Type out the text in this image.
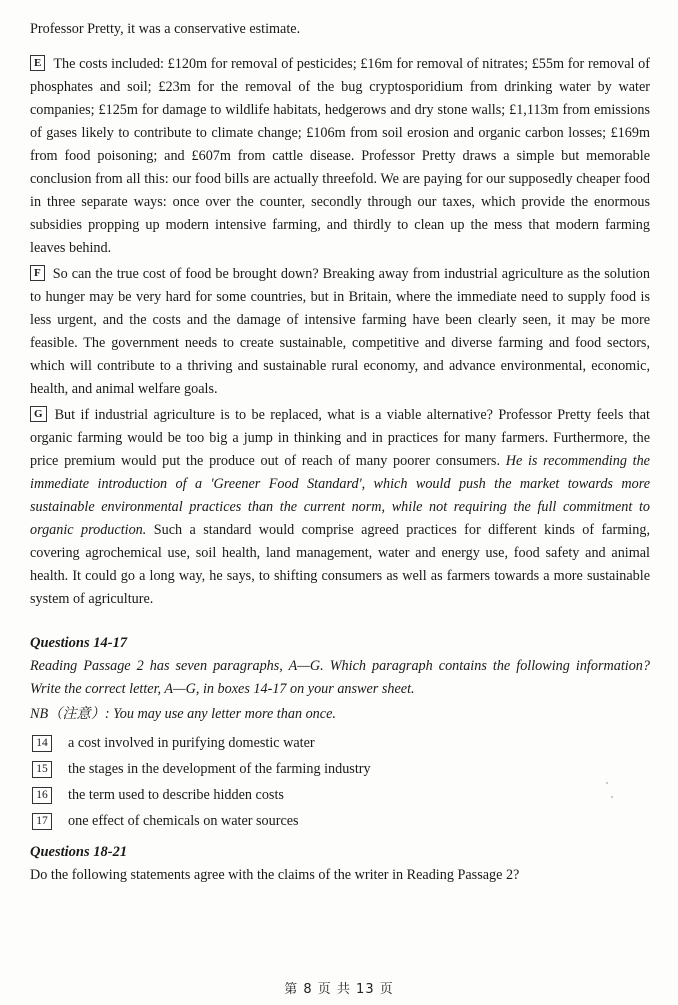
Professor Pretty, it was a conservative estimate.

E The costs included: £120m for removal of pesticides; £16m for removal of nitrates; £55m for removal of phosphates and soil; £23m for the removal of the bug cryptosporidium from drinking water by water companies; £125m for damage to wildlife habitats, hedgerows and dry stone walls; £1,113m from emissions of gases likely to contribute to climate change; £106m from soil erosion and organic carbon losses; £169m from food poisoning; and £607m from cattle disease. Professor Pretty draws a simple but memorable conclusion from all this: our food bills are actually threefold. We are paying for our supposedly cheaper food in three separate ways: once over the counter, secondly through our taxes, which provide the enormous subsidies propping up modern intensive farming, and thirdly to clean up the mess that modern farming leaves behind.

F So can the true cost of food be brought down? Breaking away from industrial agriculture as the solution to hunger may be very hard for some countries, but in Britain, where the immediate need to supply food is less urgent, and the costs and the damage of intensive farming have been clearly seen, it may be more feasible. The government needs to create sustainable, competitive and diverse farming and food sectors, which will contribute to a thriving and sustainable rural economy, and advance environmental, economic, health, and animal welfare goals.

G But if industrial agriculture is to be replaced, what is a viable alternative? Professor Pretty feels that organic farming would be too big a jump in thinking and in practices for many farmers. Furthermore, the price premium would put the produce out of reach of many poorer consumers. He is recommending the immediate introduction of a 'Greener Food Standard', which would push the market towards more sustainable environmental practices than the current norm, while not requiring the full commitment to organic production. Such a standard would comprise agreed practices for different kinds of farming, covering agrochemical use, soil health, land management, water and energy use, food safety and animal health. It could go a long way, he says, to shifting consumers as well as farmers towards a more sustainable system of agriculture.

Questions 14-17

Reading Passage 2 has seven paragraphs, A—G. Which paragraph contains the following information? Write the correct letter, A—G, in boxes 14-17 on your answer sheet.

NB（注意）: You may use any letter more than once.

14 a cost involved in purifying domestic water
15 the stages in the development of the farming industry
16 the term used to describe hidden costs
17 one effect of chemicals on water sources
Questions 18-21

Do the following statements agree with the claims of the writer in Reading Passage 2?

第 8 页 共 13 页
